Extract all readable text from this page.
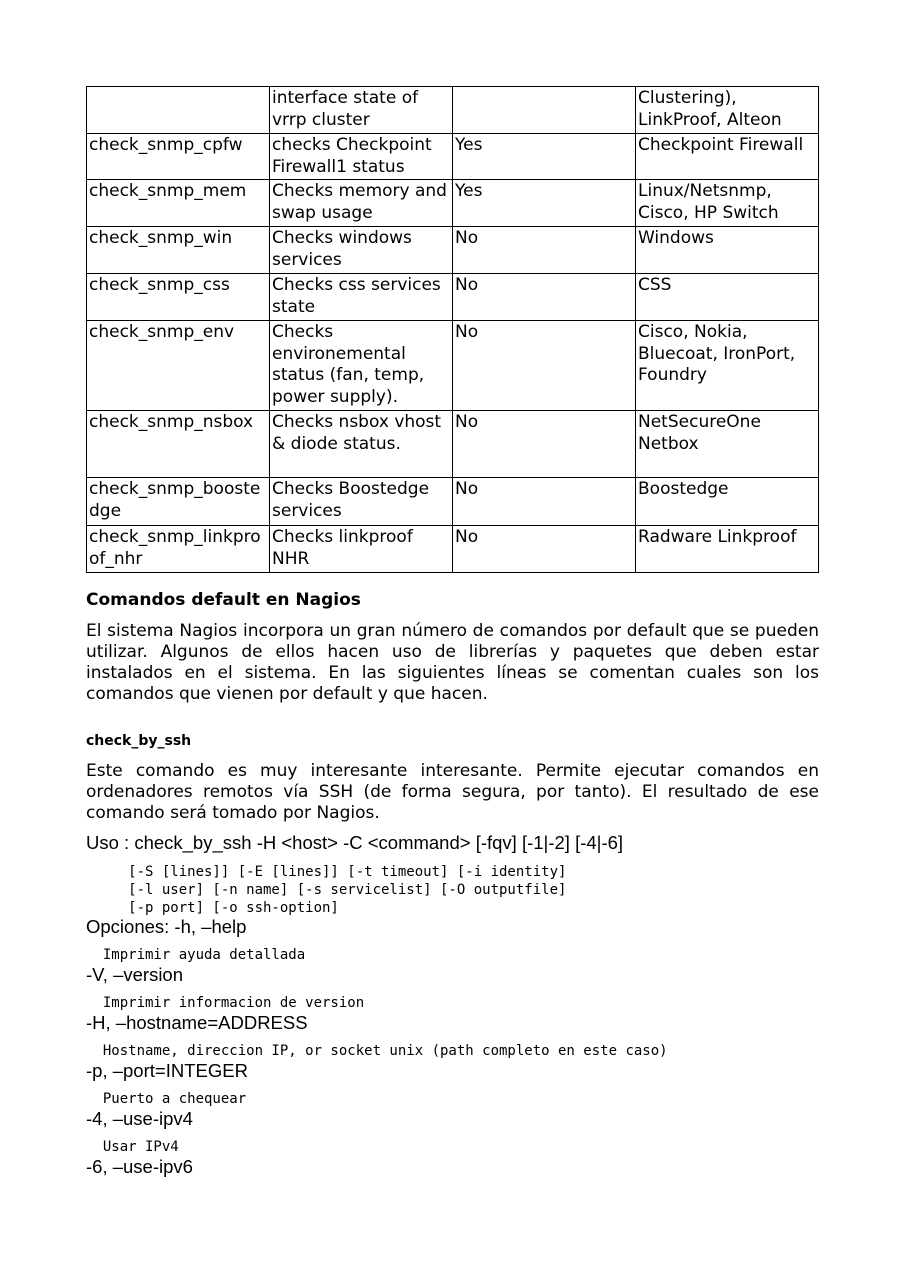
	interface state of vrrp cluster		Clustering), LinkProof, Alteon
check_snmp_cpfw	checks Checkpoint Firewall1 status	Yes	Checkpoint Firewall
check_snmp_mem	Checks memory and swap usage	Yes	Linux/Netsnmp, Cisco, HP Switch
check_snmp_win	Checks windows services	No	Windows
check_snmp_css	Checks css services state	No	CSS
check_snmp_env	Checks environemental status (fan, temp, power supply).	No	Cisco, Nokia, Bluecoat, IronPort, Foundry
check_snmp_nsbox	Checks nsbox vhost & diode status.	No	NetSecureOne Netbox
check_snmp_boostedge	Checks Boostedge services	No	Boostedge
check_snmp_linkproof_nhr	Checks linkproof NHR	No	Radware Linkproof
Comandos default en Nagios

El sistema Nagios incorpora un gran número de comandos por default que se pueden utilizar. Algunos de ellos hacen uso de librerías y paquetes que deben estar instalados en el sistema. En las siguientes líneas se comentan cuales son los comandos que vienen por default y que hacen.

check_by_ssh

Este comando es muy interesante interesante. Permite ejecutar comandos en ordenadores remotos vía SSH (de forma segura, por tanto). El resultado de ese comando será tomado por Nagios.

Uso : check_by_ssh -H <host> -C <command> [-fqv] [-1|-2] [-4|-6]

[-S [lines]] [-E [lines]] [-t timeout] [-i identity]
[-l user] [-n name] [-s servicelist] [-O outputfile]
[-p port] [-o ssh-option]

Opciones: -h, –help

Imprimir ayuda detallada

-V, –version

Imprimir informacion de version

-H, –hostname=ADDRESS

Hostname, direccion IP, or socket unix (path completo en este caso)

-p, –port=INTEGER

Puerto a chequear

-4, –use-ipv4

Usar IPv4

-6, –use-ipv6
